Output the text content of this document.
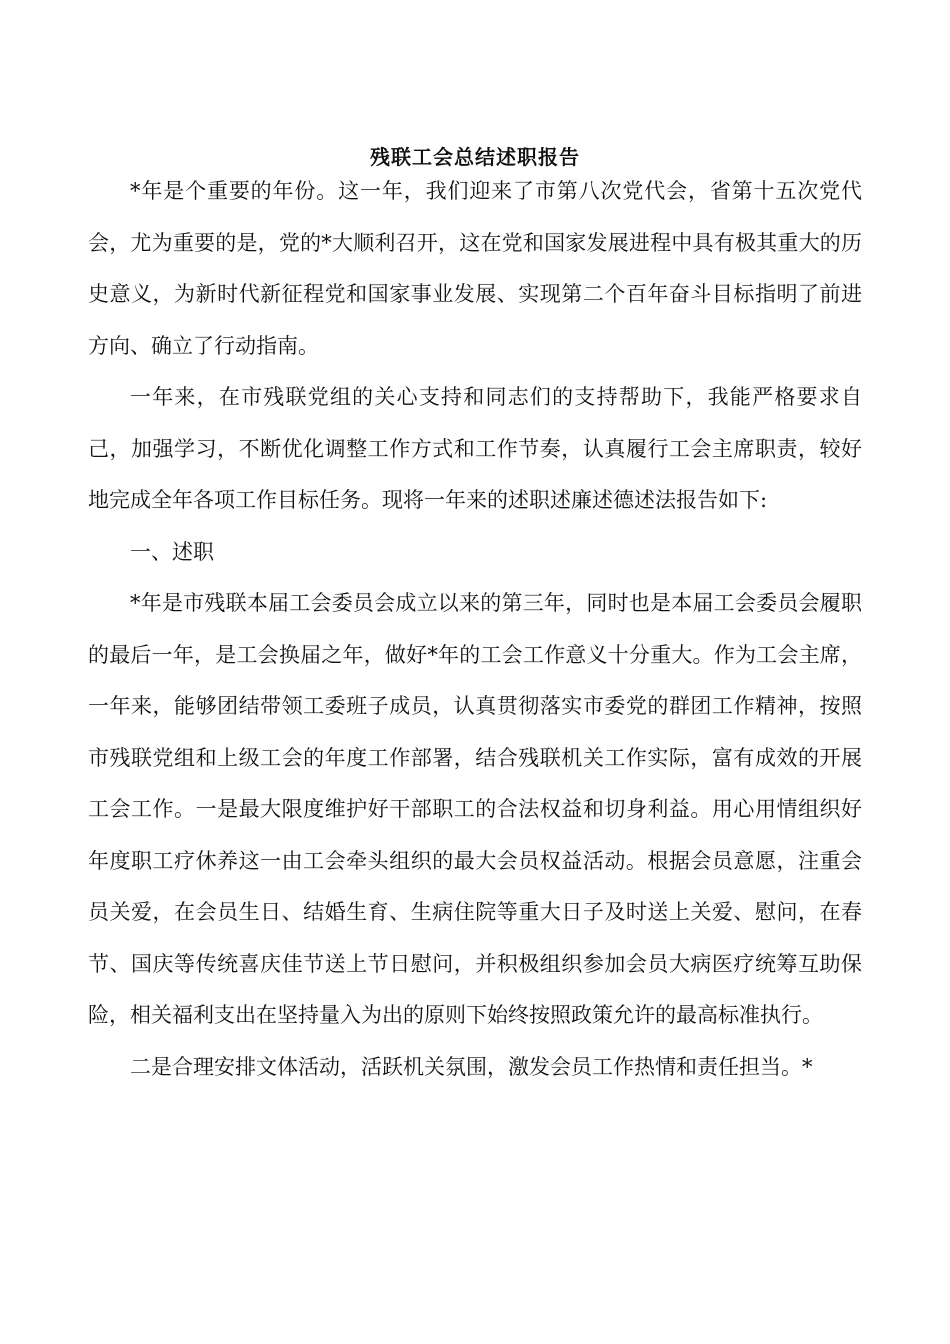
残联工会总结述职报告

*年是个重要的年份。这一年，我们迎来了市第八次党代会，省第十五次党代会，尤为重要的是，党的*大顺利召开，这在党和国家发展进程中具有极其重大的历史意义，为新时代新征程党和国家事业发展、实现第二个百年奋斗目标指明了前进方向、确立了行动指南。

一年来，在市残联党组的关心支持和同志们的支持帮助下，我能严格要求自己，加强学习，不断优化调整工作方式和工作节奏，认真履行工会主席职责，较好地完成全年各项工作目标任务。现将一年来的述职述廉述德述法报告如下:

一、述职

*年是市残联本届工会委员会成立以来的第三年，同时也是本届工会委员会履职的最后一年，是工会换届之年，做好*年的工会工作意义十分重大。作为工会主席，一年来，能够团结带领工委班子成员，认真贯彻落实市委党的群团工作精神，按照市残联党组和上级工会的年度工作部署，结合残联机关工作实际，富有成效的开展工会工作。一是最大限度维护好干部职工的合法权益和切身利益。用心用情组织好年度职工疗休养这一由工会牵头组织的最大会员权益活动。根据会员意愿，注重会员关爱，在会员生日、结婚生育、生病住院等重大日子及时送上关爱、慰问，在春节、国庆等传统喜庆佳节送上节日慰问，并积极组织参加会员大病医疗统筹互助保险，相关福利支出在坚持量入为出的原则下始终按照政策允许的最高标准执行。

二是合理安排文体活动，活跃机关氛围，激发会员工作热情和责任担当。*
